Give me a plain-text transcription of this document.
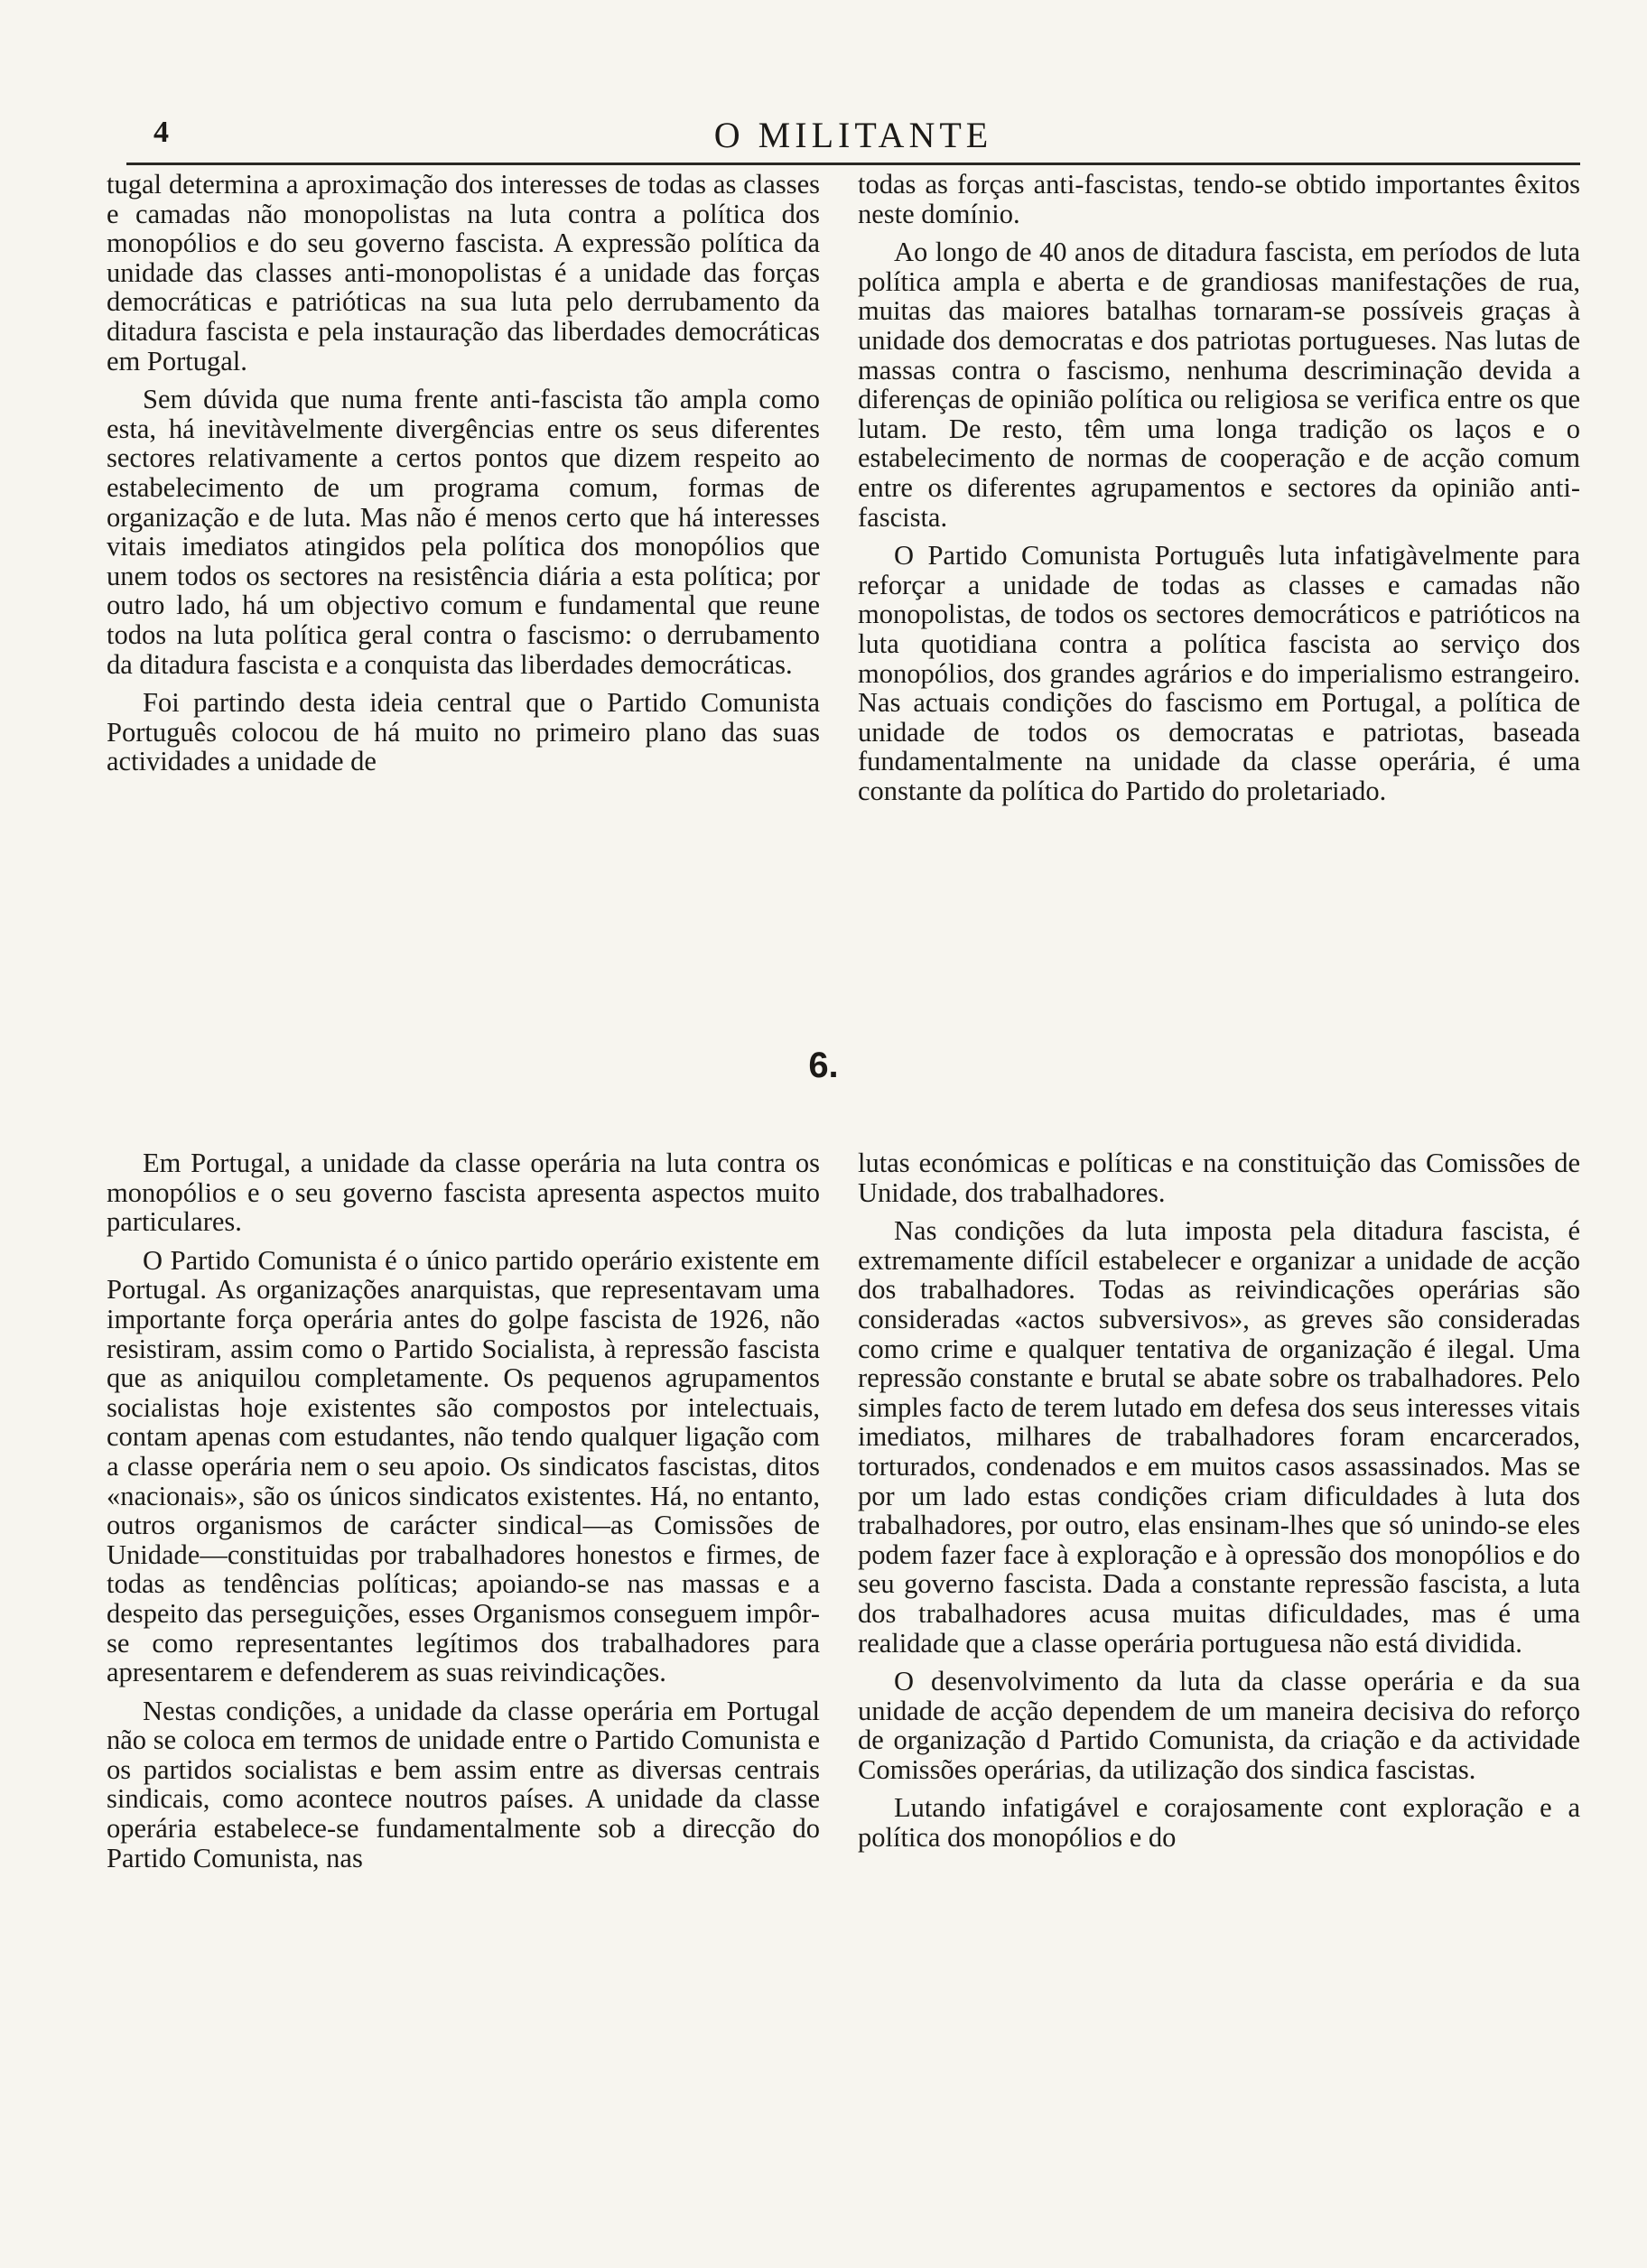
4	O MILITANTE

tugal determina a aproximação dos interesses de todas as classes e camadas não monopolistas na luta contra a política dos monopólios e do seu governo fascista. A expressão política da unidade das classes anti-monopolistas é a unidade das forças democráticas e patrióticas na sua luta pelo derrubamento da ditadura fascista e pela instauração das liberdades democráticas em Portugal.

Sem dúvida que numa frente anti-fascista tão ampla como esta, há inevitàvelmente divergências entre os seus diferentes sectores relativamente a certos pontos que dizem respeito ao estabelecimento de um programa comum, formas de organização e de luta. Mas não é menos certo que há interesses vitais imediatos atingidos pela política dos monopólios que unem todos os sectores na resistência diária a esta política; por outro lado, há um objectivo comum e fundamental que reune todos na luta política geral contra o fascismo: o derrubamento da ditadura fascista e a conquista das liberdades democráticas.

Foi partindo desta ideia central que o Partido Comunista Português colocou de há muito no primeiro plano das suas actividades a unidade de

todas as forças anti-fascistas, tendo-se obtido importantes êxitos neste domínio.

Ao longo de 40 anos de ditadura fascista, em períodos de luta política ampla e aberta e de grandiosas manifestações de rua, muitas das maiores batalhas tornaram-se possíveis graças à unidade dos democratas e dos patriotas portugueses. Nas lutas de massas contra o fascismo, nenhuma descriminação devida a diferenças de opinião política ou religiosa se verifica entre os que lutam. De resto, têm uma longa tradição os laços e o estabelecimento de normas de cooperação e de acção comum entre os diferentes agrupamentos e sectores da opinião anti-fascista.

O Partido Comunista Português luta infatigàvelmente para reforçar a unidade de todas as classes e camadas não monopolistas, de todos os sectores democráticos e patrióticos na luta quotidiana contra a política fascista ao serviço dos monopólios, dos grandes agrários e do imperialismo estrangeiro. Nas actuais condições do fascismo em Portugal, a política de unidade de todos os democratas e patriotas, baseada fundamentalmente na unidade da classe operária, é uma constante da política do Partido do proletariado.

6.

Em Portugal, a unidade da classe operária na luta contra os monopólios e o seu governo fascista apresenta aspectos muito particulares.

O Partido Comunista é o único partido operário existente em Portugal. As organizações anarquistas, que representavam uma importante força operária antes do golpe fascista de 1926, não resistiram, assim como o Partido Socialista, à repressão fascista que as aniquilou completamente. Os pequenos agrupamentos socialistas hoje existentes são compostos por intelectuais, contam apenas com estudantes, não tendo qualquer ligação com a classe operária nem o seu apoio. Os sindicatos fascistas, ditos «nacionais», são os únicos sindicatos existentes. Há, no entanto, outros organismos de carácter sindical—as Comissões de Unidade—constituidas por trabalhadores honestos e firmes, de todas as tendências políticas; apoiando-se nas massas e a despeito das perseguições, esses Organismos conseguem impôr-se como representantes legítimos dos trabalhadores para apresentarem e defenderem as suas reivindicações.

Nestas condições, a unidade da classe operária em Portugal não se coloca em termos de unidade entre o Partido Comunista e os partidos socialistas e bem assim entre as diversas centrais sindicais, como acontece noutros países. A unidade da classe operária estabelece-se fundamentalmente sob a direcção do Partido Comunista, nas

lutas económicas e políticas e na constituição das Comissões de Unidade, dos trabalhadores.

Nas condições da luta imposta pela ditadura fascista, é extremamente difícil estabelecer e organizar a unidade de acção dos trabalhadores. Todas as reivindicações operárias são consideradas «actos subversivos», as greves são consideradas como crime e qualquer tentativa de organização é ilegal. Uma repressão constante e brutal se abate sobre os trabalhadores. Pelo simples facto de terem lutado em defesa dos seus interesses vitais imediatos, milhares de trabalhadores foram encarcerados, torturados, condenados e em muitos casos assassinados. Mas se por um lado estas condições criam dificuldades à luta dos trabalhadores, por outro, elas ensinam-lhes que só unindo-se eles podem fazer face à exploração e à opressão dos monopólios e do seu governo fascista. Dada a constante repressão fascista, a luta dos trabalhadores acusa muitas dificuldades, mas é uma realidade que a classe operária portuguesa não está dividida.

O desenvolvimento da luta da classe operária e da sua unidade de acção dependem de um maneira decisiva do reforço de organização d Partido Comunista, da criação e da actividade Comissões operárias, da utilização dos sindica fascistas.

Lutando infatigável e corajosamente cont exploração e a política dos monopólios e do
